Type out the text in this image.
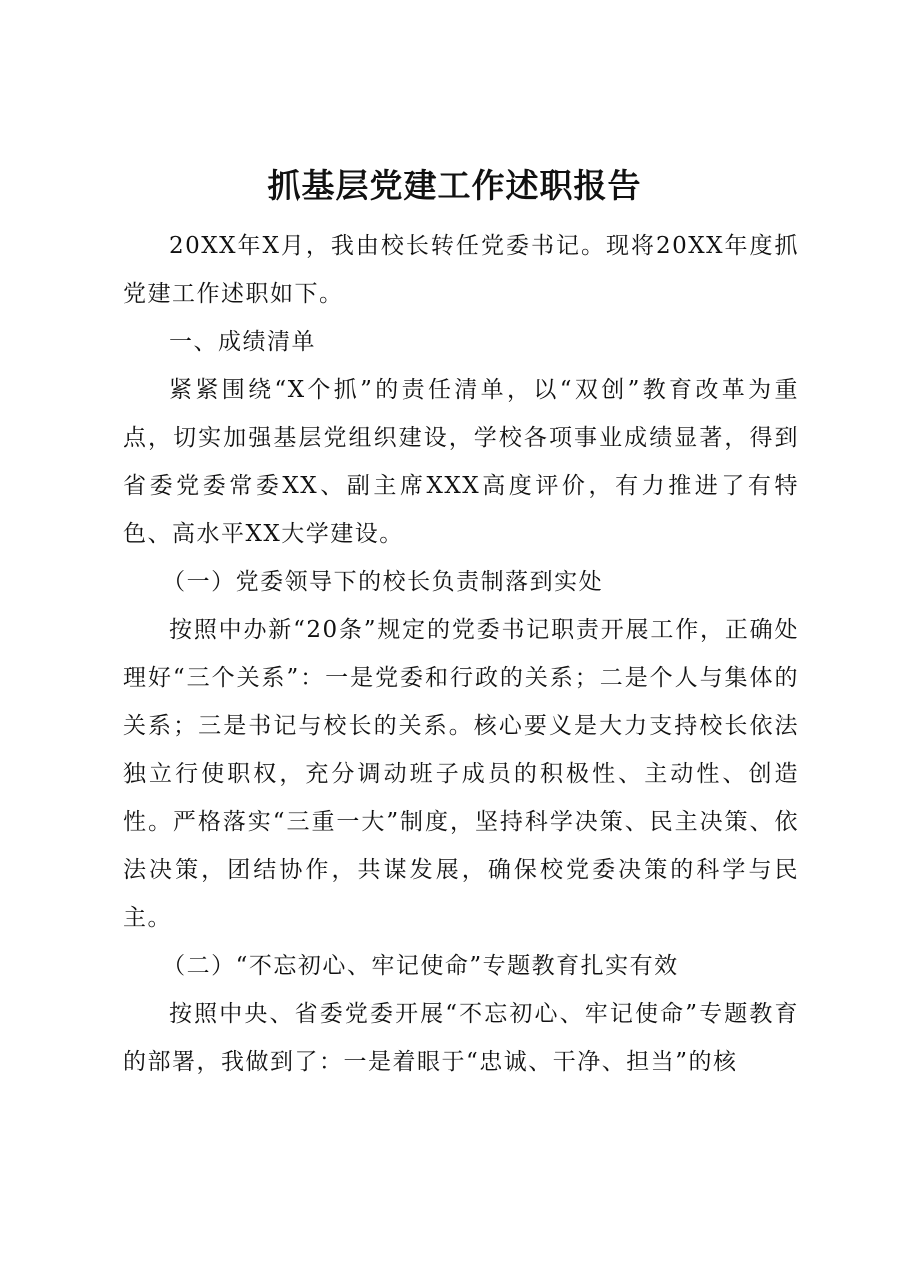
抓基层党建工作述职报告

20XX年X月，我由校长转任党委书记。现将20XX年度抓党建工作述职如下。

一、成绩清单

紧紧围绕“X个抓”的责任清单，以“双创”教育改革为重点，切实加强基层党组织建设，学校各项事业成绩显著，得到省委党委常委XX、副主席XXX高度评价，有力推进了有特色、高水平XX大学建设。

（一）党委领导下的校长负责制落到实处

按照中办新“20条”规定的党委书记职责开展工作，正确处理好“三个关系”：一是党委和行政的关系；二是个人与集体的关系；三是书记与校长的关系。核心要义是大力支持校长依法独立行使职权，充分调动班子成员的积极性、主动性、创造性。严格落实“三重一大”制度，坚持科学决策、民主决策、依法决策，团结协作，共谋发展，确保校党委决策的科学与民主。

（二）“不忘初心、牢记使命”专题教育扎实有效

按照中央、省委党委开展“不忘初心、牢记使命”专题教育的部署，我做到了：一是着眼于“忠诚、干净、担当”的核
